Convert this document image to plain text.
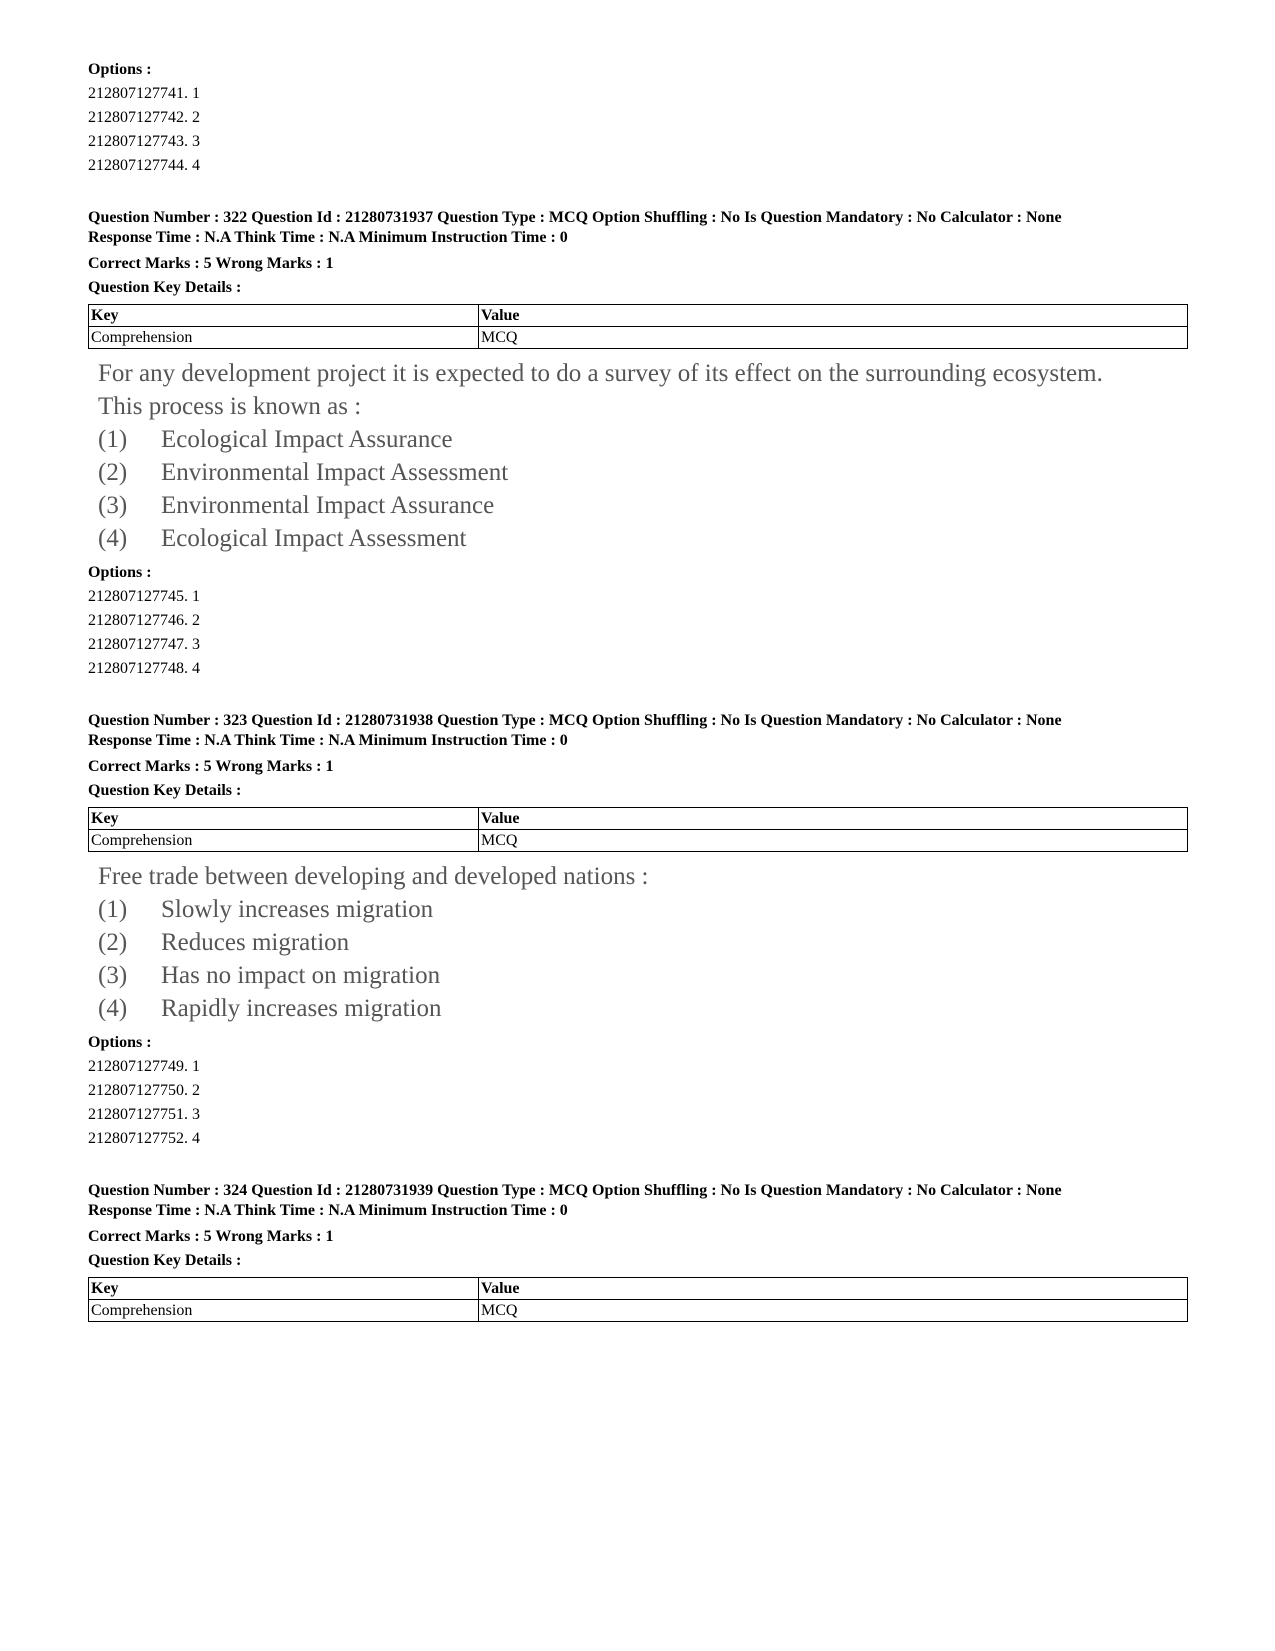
Options :
212807127741. 1
212807127742. 2
212807127743. 3
212807127744. 4
Question Number : 322 Question Id : 21280731937 Question Type : MCQ Option Shuffling : No Is Question Mandatory : No Calculator : None
Response Time : N.A Think Time : N.A Minimum Instruction Time : 0
Correct Marks : 5 Wrong Marks : 1
Question Key Details :
Key	Value
Comprehension	MCQ
For any development project it is expected to do a survey of its effect on the surrounding ecosystem.
This process is known as :
(1)	Ecological Impact Assurance
(2)	Environmental Impact Assessment
(3)	Environmental Impact Assurance
(4)	Ecological Impact Assessment
Options :
212807127745. 1
212807127746. 2
212807127747. 3
212807127748. 4
Question Number : 323 Question Id : 21280731938 Question Type : MCQ Option Shuffling : No Is Question Mandatory : No Calculator : None
Response Time : N.A Think Time : N.A Minimum Instruction Time : 0
Correct Marks : 5 Wrong Marks : 1
Question Key Details :
Key	Value
Comprehension	MCQ
Free trade between developing and developed nations :
(1)	Slowly increases migration
(2)	Reduces migration
(3)	Has no impact on migration
(4)	Rapidly increases migration
Options :
212807127749. 1
212807127750. 2
212807127751. 3
212807127752. 4
Question Number : 324 Question Id : 21280731939 Question Type : MCQ Option Shuffling : No Is Question Mandatory : No Calculator : None
Response Time : N.A Think Time : N.A Minimum Instruction Time : 0
Correct Marks : 5 Wrong Marks : 1
Question Key Details :
Key	Value
Comprehension	MCQ
